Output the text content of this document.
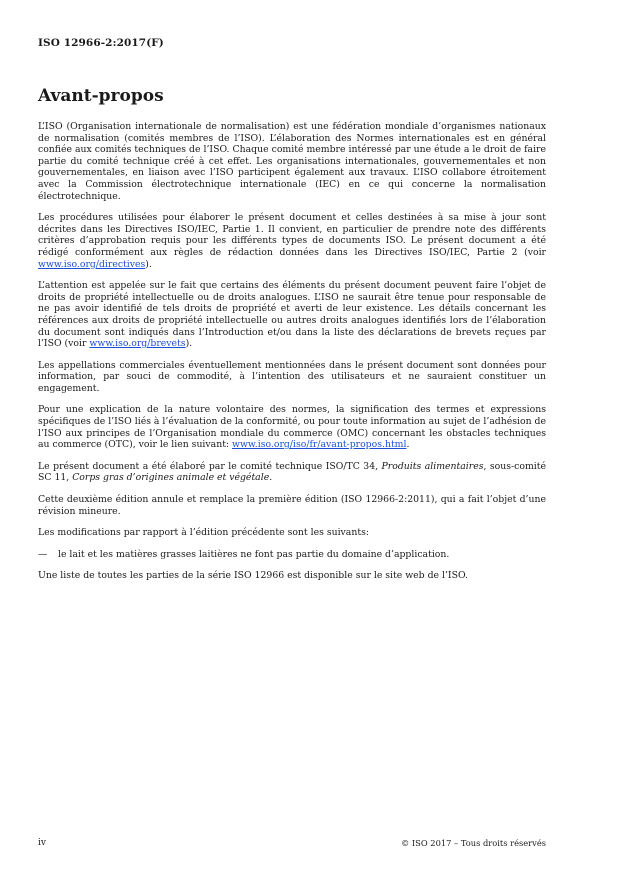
ISO 12966-2:2017(F)
Avant-propos

L’ISO (Organisation internationale de normalisation) est une fédération mondiale d’organismes nationaux de normalisation (comités membres de l’ISO). L’élaboration des Normes internationales est en général confiée aux comités techniques de l’ISO. Chaque comité membre intéressé par une étude a le droit de faire partie du comité technique créé à cet effet. Les organisations internationales, gouvernementales et non gouvernementales, en liaison avec l’ISO participent également aux travaux. L’ISO collabore étroitement avec la Commission électrotechnique internationale (IEC) en ce qui concerne la normalisation électrotechnique.

Les procédures utilisées pour élaborer le présent document et celles destinées à sa mise à jour sont décrites dans les Directives ISO/IEC, Partie 1. Il convient, en particulier de prendre note des différents critères d’approbation requis pour les différents types de documents ISO. Le présent document a été rédigé conformément aux règles de rédaction données dans les Directives ISO/IEC, Partie 2 (voir www.iso.org/directives).

L’attention est appelée sur le fait que certains des éléments du présent document peuvent faire l’objet de droits de propriété intellectuelle ou de droits analogues. L’ISO ne saurait être tenue pour responsable de ne pas avoir identifié de tels droits de propriété et averti de leur existence. Les détails concernant les références aux droits de propriété intellectuelle ou autres droits analogues identifiés lors de l’élaboration du document sont indiqués dans l’Introduction et/ou dans la liste des déclarations de brevets reçues par l’ISO (voir www.iso.org/brevets).

Les appellations commerciales éventuellement mentionnées dans le présent document sont données pour information, par souci de commodité, à l’intention des utilisateurs et ne sauraient constituer un engagement.

Pour une explication de la nature volontaire des normes, la signification des termes et expressions spécifiques de l’ISO liés à l’évaluation de la conformité, ou pour toute information au sujet de l’adhésion de l’ISO aux principes de l’Organisation mondiale du commerce (OMC) concernant les obstacles techniques au commerce (OTC), voir le lien suivant: www.iso.org/iso/fr/avant-propos.html.

Le présent document a été élaboré par le comité technique ISO/TC 34, Produits alimentaires, sous-comité SC 11, Corps gras d’origines animale et végétale.

Cette deuxième édition annule et remplace la première édition (ISO 12966-2:2011), qui a fait l’objet d’une révision mineure.

Les modifications par rapport à l’édition précédente sont les suivants:

—	le lait et les matières grasses laitières ne font pas partie du domaine d’application.

Une liste de toutes les parties de la série ISO 12966 est disponible sur le site web de l’ISO.

iv	© ISO 2017 – Tous droits réservés
